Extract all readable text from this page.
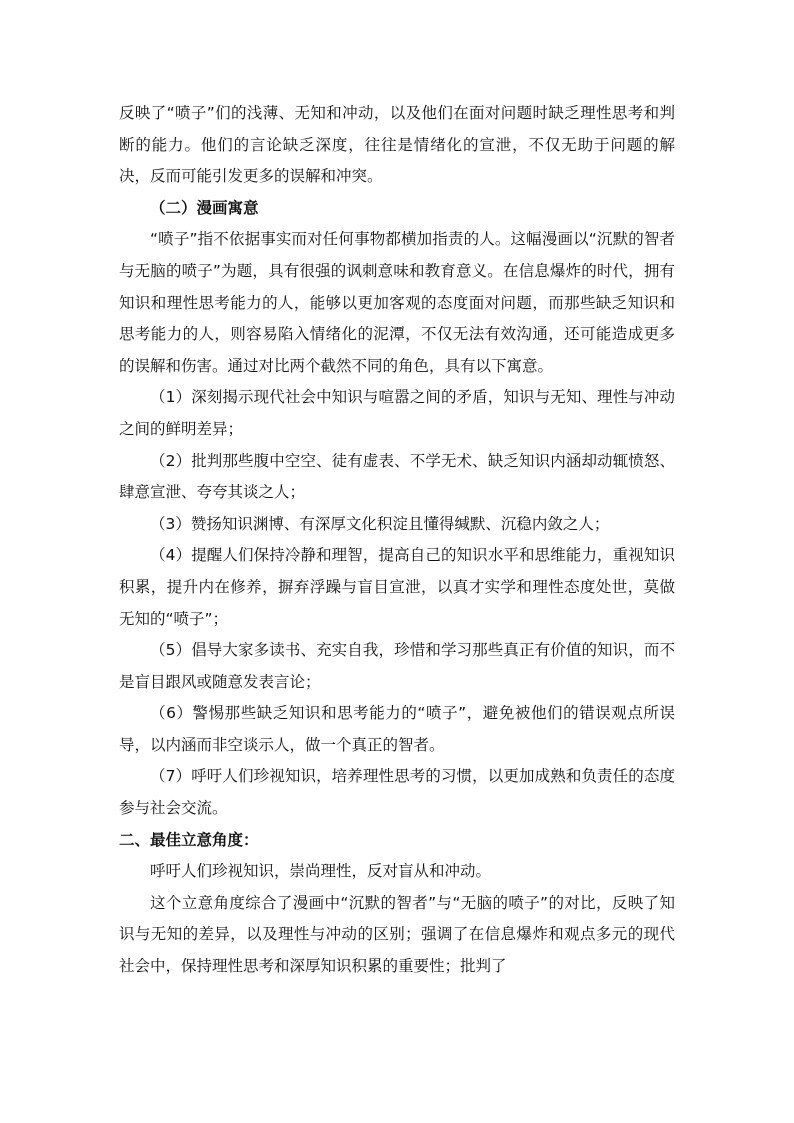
反映了“喷子”们的浅薄、无知和冲动，以及他们在面对问题时缺乏理性思考和判断的能力。他们的言论缺乏深度，往往是情绪化的宣泄，不仅无助于问题的解决，反而可能引发更多的误解和冲突。

（二）漫画寓意

“喷子”指不依据事实而对任何事物都横加指责的人。这幅漫画以“沉默的智者与无脑的喷子”为题，具有很强的讽刺意味和教育意义。在信息爆炸的时代，拥有知识和理性思考能力的人，能够以更加客观的态度面对问题，而那些缺乏知识和思考能力的人，则容易陷入情绪化的泥潭，不仅无法有效沟通，还可能造成更多的误解和伤害。通过对比两个截然不同的角色，具有以下寓意。

（1）深刻揭示现代社会中知识与喧嚣之间的矛盾，知识与无知、理性与冲动之间的鲜明差异；

（2）批判那些腹中空空、徒有虚表、不学无术、缺乏知识内涵却动辄愤怒、肆意宣泄、夸夸其谈之人；

（3）赞扬知识渊博、有深厚文化积淀且懂得缄默、沉稳内敛之人；

（4）提醒人们保持冷静和理智，提高自己的知识水平和思维能力，重视知识积累，提升内在修养，摒弃浮躁与盲目宣泄，以真才实学和理性态度处世，莫做无知的“喷子”；

（5）倡导大家多读书、充实自我，珍惜和学习那些真正有价值的知识，而不是盲目跟风或随意发表言论；

（6）警惕那些缺乏知识和思考能力的“喷子”，避免被他们的错误观点所误导，以内涵而非空谈示人，做一个真正的智者。

（7）呼吁人们珍视知识，培养理性思考的习惯，以更加成熟和负责任的态度参与社会交流。

二、最佳立意角度：

呼吁人们珍视知识，崇尚理性，反对盲从和冲动。

这个立意角度综合了漫画中“沉默的智者”与“无脑的喷子”的对比，反映了知识与无知的差异，以及理性与冲动的区别；强调了在信息爆炸和观点多元的现代社会中，保持理性思考和深厚知识积累的重要性；批判了
